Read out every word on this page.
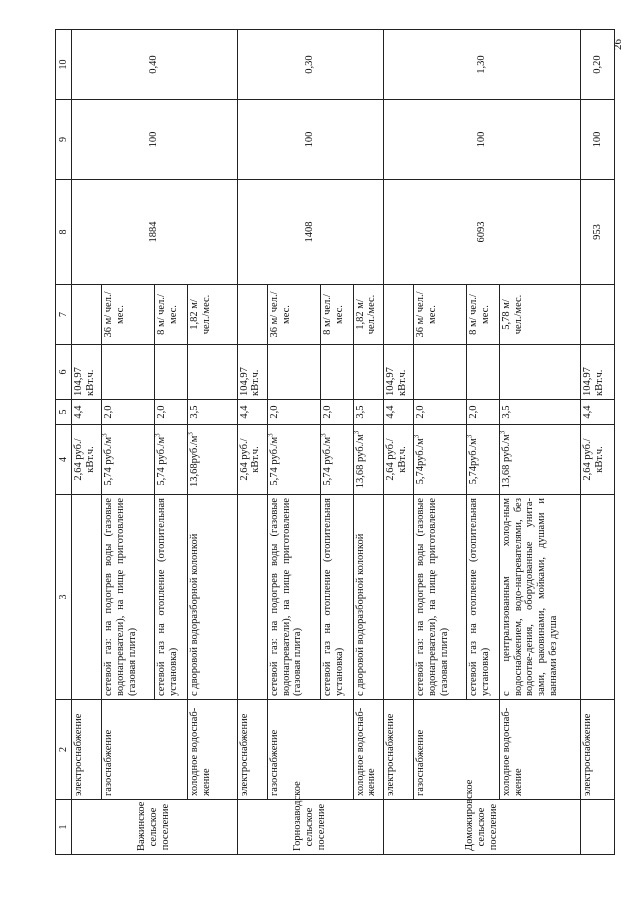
26
1	2	3	4	5	6	7	8	9	10
Важинское сельское поселение	электроснабжение		2,64 руб./кВт.ч.	4,4	104,97 кВт.ч.		1884	100	0,40
	газоснабжение	сетевой газ: на подогрев воды (газовые водонагреватели), на пище приготовление (газовая плита)	5,74 $руб./м^3$	2,0		36 м/ чел./мес.			
		сетевой газ на отопление (отопительная установка)	5,74 $руб./м^3$	2,0		8 м/ чел./мес.			
	холодное водоснаб-жение	с дворовой водоразборной колонкой	$13,68руб./м^3$	3,5		1,82 м/ чел./мес.			
Горнозаводское сельское поселение	электроснабжение		2,64 руб./кВт.ч.	4,4	104,97 кВт.ч.		1408	100	0,30
	газоснабжение	сетевой газ: на подогрев воды (газовые водонагреватели), на пище приготовление (газовая плита)	5,74 $руб./м^3$	2,0		36 м/ чел./мес.			
		сетевой газ на отопление (отопительная установка)	5,74 $руб./м^3$	2,0		8 м/ чел./мес.			
	холодное водоснаб-жение	с дворовой водоразборной колонкой	13,68 $руб./м^3$	3,5		1,82 м/ чел./мес.			
Доможировское сельское поселение	электроснабжение		2,64 руб./кВт.ч.	4,4	104,97 кВт.ч.		6093	100	1,30
	газоснабжение	сетевой газ: на подогрев воды (газовые водонагреватели), на пище приготовление (газовая плита)	$5,74руб./м^3$	2,0		36 м/ чел./мес.			
		сетевой газ на отопление (отопительная установка)	$5,74руб./м^3$	2,0		8 м/ чел./мес.			
	холодное водоснаб-жение	с централизованным холод-ным водоснабжением, водо-нагревателями, без водоотве-дения, оборудованные унита-зами, раковинами, мойками, душами и ваннами без душа	13,68 $руб./м^3$	3,5		5,78 м/ чел./мес.			
	электроснабжение		2,64 руб./кВт.ч.	4,4	104,97 кВт.ч.		953	100	0,20
